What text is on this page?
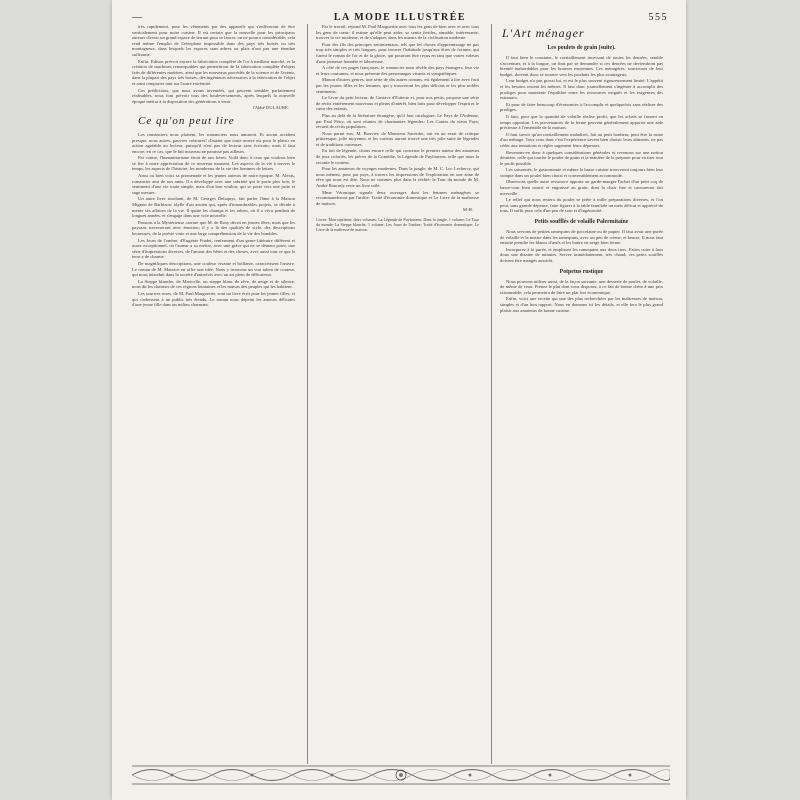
—	LA MODE ILLUSTRÉE	555

très rapidement, pour les vêtements par des appareils qui s'enlèveront de être verticalement pour notre cuisine. Il est certain que la nouvelle pour les principaux auteurs d'avoir un grand espace de terrain pour se lancer, on ne pourra considérable; cela rend même l'emploi de l'aéroplane impossible dans des pays très boisés ou très montagneux, dans lesquels les espaces sans arbres ou plats n'ont pas une étendue suffisante.

Enfin, Edison prévoit encore la fabrication complète de l'or à meilleur marché, et la création de machines remarquables qui permettront de la fabrication complète d'objets faits de différentes matières, ainsi que les nouveaux procédés de la science et de l'avenir, dans la plupart des pays très boisés, des ingénieurs nécessaires à la fabrication de l'objet et ainsi remporter tant sur l'autre extrémité.

Ces prédictions, que nous avons inventées, qui peuvent sembler parfaitement réalisables, nous font prévoir tous des bouleversements, après lesquels la nouvelle époque mettra à la disposition des générations à venir.

l'Abbé DULAURE.
Ce qu'on peut lire

Les romanciers nous plaisent, les romanciers nous amusent. Et aucun accident presque, nous autres, pauvres créatures! d'autant que toute œuvre est pour le plaisir en action agréable au lecteur, puisqu'il n'est pas de lecteur sans écrivain; mais il faut encore, en ce cas, que le fait nouveau ne paraisse pas ailleurs.

Par contre, l'humanitarisme étroit de nos frères. Voilà donc à ceux qui voulons bien se fier à notre appréciation de ce nouveau moment. Les aspects de la vie à travers le temps, les aspects de l'histoire, les nombreux de la vie des hommes de lettres.

Ainsi ou bien voici sa promenade et les jeunes auteurs de notre époque. M. Alexis, romancier ami de nos amis. Il a développé avec une sobriété qui le porte plus loin, le sentiment d'une vie toute simple, mais d'un bon vouloir, qui se porte vers une juste et sage mesure.

Un autre livre touchant, de M. Georges Delaquys, fait parler l'âme à la Maison Mignon de Barbizon; idylle d'un ancien qui, après d'innombrables projets, se décide à mener ses affaires de la vie. Il quitte les champs et les arbres, où il a vécu pendant de longues années, et s'engage dans une voie nouvelle.

Passons à la Mystérieuse carrure que M. de Rosy décrit en jeunes fêtes; mais que les paysans traverseront avec émotion; il y a là des qualités de style, des descriptions heureuses, de la poésie vraie et une large compréhension de la vie des humbles.

Les Jours de l'ombre, d'Eugénie Fradet, renferment d'un genre littéraire différent et assez exceptionnel, où l'auteur a su mettre, avec une grâce qui ne se dément point, une série d'impressions diverses, de l'amour des bêtes et des choses, avec aussi tout ce que la terre a de charme.

De magnifiques descriptions, une couleur vivante et brillante, caractérisent l'œuvre. Le roman de M. Maurice en offre une idée. Nous y trouvons un vrai talent de conteur, qui nous introduit dans la société d'autrefois avec un art plein de délicatesse.

La Steppe blanche, de Maricelle, un steppe blanc de rêve, de neige et de silence, nous dit les charmes de ces régions lointaines et les mœurs des peuples qui les habitent.

Les sourires roses, de M. Paul Marguerite, sont un livre écrit pour les jeunes filles, et qui s'adressent à un public très étendu. Le roman nous dépeint les amours délicates d'une jeune fille dans un milieu charmant.

Par le travail, répond M. Paul Marguerite avec tous les gens de bien avec et avec tous les gens de cœur; il estime qu'elle peut aider, se sentir fertiles, aimable, intéressante, trouver la vie moderne, et de s'adapter, dans les mœurs de la civilisation moderne.

Pour des fils des principes sentimentaux, tels que les choses d'apprentissage ne pas trop très simples et très longues, pour trouver l'habitude jusqu'aux êtres de fortune, qui furent le roman de l'or et de la gloire, qui pourront être reçus en tant que vraies valeurs d'une jeunesse honnête et laborieuse.

A côté de ces pages françaises, le romancier nous révèle des pays étrangers, leur vie et leurs coutumes, et nous présente des personnages vivants et sympathiques.

Manon d'autres genres, une série de dix autres romans, est également à lire avec fruit par les jeunes filles et les femmes, qui y trouveront les plus délicats et les plus nobles sentiments.

Le Livre du petit lecteur, de Gustave d'Estierie et, pour nos petits, propose une série de récits entièrement nouveaux et pleins d'intérêt, bien faits pour développer l'esprit et le cœur des enfants.

Plus au delà de la littérature étrangère, qu'il faut cataloguer: Le Pays de l'Ardenne, par Paul Pétry, où sont réunies de charmantes légendes; Les Contes du vieux Pays, recueil de récits populaires.

Nous parmi eux, M. Bouvier, de Monsieur Sacerdot, ont en un essai de critique pittoresque, jolie moyenne, et les curieux auront trouvé une très jolie suite de légendes et de traditions curieuses.

En fait de légende, citons encore celle qui concerne le premier auteur des amateurs de jeux coloriés, les pièces de la Comédie, la Légende de Puylaurens, telle que nous la raconte le conteur.

Pour les amateurs de voyages modernes, Dans la jungle, de M. C. Luc Lechercy, qui nous mènent, pour par pays, à travers les impressions de l'exploration en une zone de rêve qui nous est dite. Nous ne sommes plus dans la réalité; le Tour du monde de M. André Bourrely reste un livre utile.

Mme Véronique signale deux ouvrages dont les femmes ménagères se recommanderont par l'utilité: Traité d'économie domestique et Le Livre de la maîtresse de maison.

M-H.
Livres: Mon septième, deux volumes; La Légende de Puylaurens; Dans la jungle, 1 volume; Le Tour du monde; La Steppe blanche, 1 volume; Les Jours de l'ombre; Traité d'économie domestique; Le Livre de la maîtresse de maison.
L'Art ménager
Les poulets de grain (suite).

Il faut bien le constater, le ravitaillement incessant de toutes les denrées, semble s'accentuer, et à la longue, on finit par se demander si ces denrées ne deviendront pas bientôt inabordables pour les bourses moyennes. Les ménagères, soucieuses de leur budget, doivent donc se tourner vers les produits les plus avantageux.

Leur budget n'a pas grossi lui, et est le plus souvent rigoureusement limité. L'appétit et les besoins restent les mêmes. Il faut donc journellement s'ingénier à accomplir des prodiges pour maintenir l'équilibre entre les ressources exiguës et les exigences des estomacs.

Et pour de faire beaucoup d'économies à l'accomplir et quelquefois sans réaliser des prodiges.

Il faut, pour que la quantité de volaille réalise profit, que les achats se fassent en temps opportun. Les provenances de la ferme peuvent généralement apporter une aide précieuse à l'ensemble de la maison.

Il faut savoir qu'un ravitaillement maladroit, fait au petit bonheur, peut être la ruine d'un ménage. Tous ceux dont c'est l'expérience savent bien choisir leurs aliments, ne pas céder aux tentations et régler sagement leurs dépenses.

Revenons-en donc à quelques considérations générales et revenons sur une notion dernière, celle qui touche le poulet de grain et la manière de le préparer pour en tirer tout le profit possible.

Les saisonnés, le gastronomie et même la basse cuisine trouveront toujours bien leur compte dans un poulet bien choisi et convenablement accommodé.

Observons quelle autre ressource apporte au garde-manger l'achat d'un petit coq de basse-cour bien nourri et engraissé au grain, dont la chair fine et savoureuse fait merveille.

Le relief qui nous restera du poulet se prête à mille préparations diverses, et l'on peut, sans grande dépense, faire figurer à la table familiale un mets délicat et apprécié de tous. Il suffit pour cela d'un peu de soin et d'ingéniosité.

Petits soufflés de volaille Palermitaine

Nous servons de petites ramequins de porcelaine ou de papier. Il faut avoir une purée de volaille et la mettre dans les ramequins, avec un peu de crème, et beurre. Il nous faut ensuite prendre les blancs d'œufs et les battre en neige bien ferme.

Incorporez à la purée, et emplissez les ramequins aux deux tiers. Faites cuire à four doux une dizaine de minutes. Servez immédiatement, très chaud; ces petits soufflés doivent être mangés aussitôt.

Potpetus rustique

Nous pouvons utiliser aussi, de la façon suivante, une desserte de poulet, de volaille, de même de veau. Prenez le plat dont vous disposez, à ce fait de bonne chère à une prix raisonnable; cela permettra de faire un plat fort économique.

Enfin, voici une recette qui une des plus recherchées par les maîtresses de maison, simples et d'un bon rapport. Nous en donnons ici les détails, et elle fera le plus grand plaisir aux amateurs de bonne cuisine.
